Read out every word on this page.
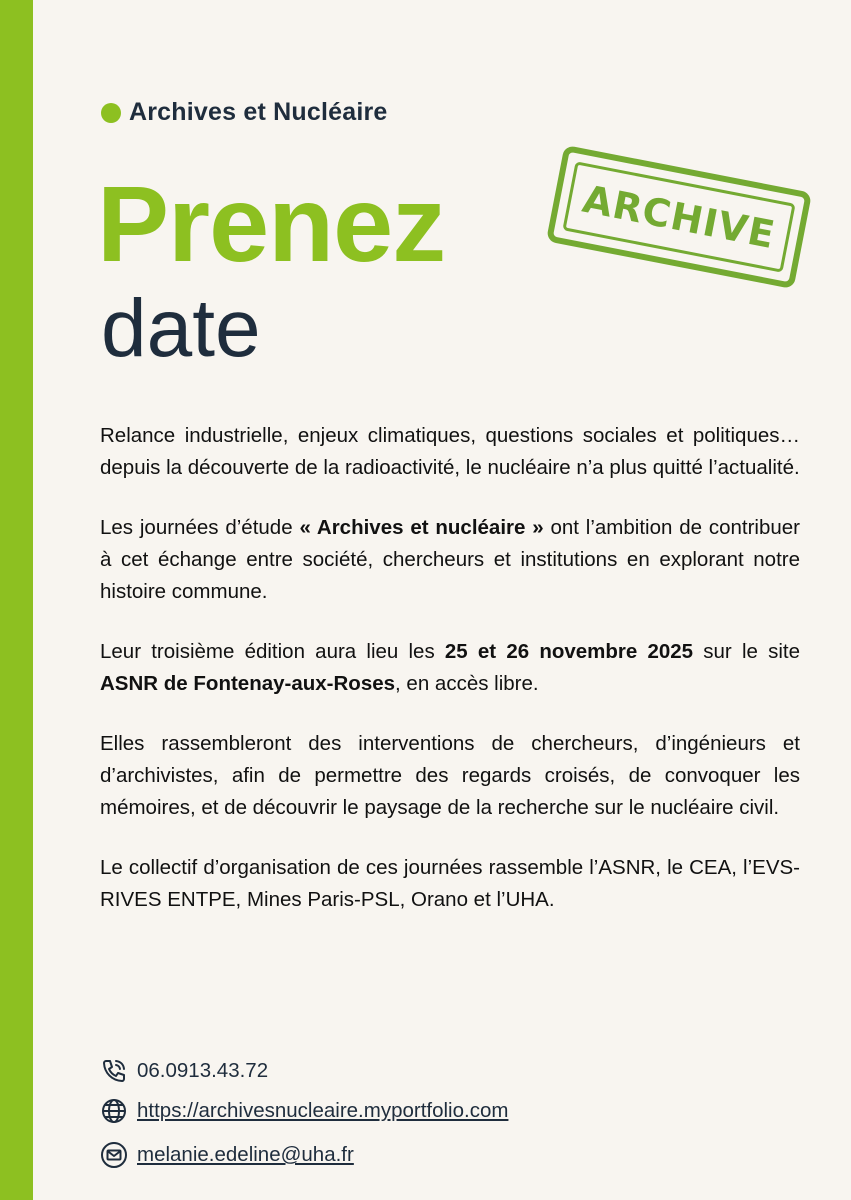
Archives et Nucléaire
Prenez
date
ARCHIVE

Relance industrielle, enjeux climatiques, questions sociales et politiques… depuis la découverte de la radioactivité, le nucléaire n’a plus quitté l’actualité.

Les journées d’étude « Archives et nucléaire » ont l’ambition de contribuer à cet échange entre société, chercheurs et institutions en explorant notre histoire commune.

Leur troisième édition aura lieu les 25 et 26 novembre 2025 sur le site ASNR de Fontenay-aux-Roses, en accès libre.

Elles rassembleront des interventions de chercheurs, d’ingénieurs et d’archivistes, afin de permettre des regards croisés, de convoquer les mémoires, et de découvrir le paysage de la recherche sur le nucléaire civil.

Le collectif d’organisation de ces journées rassemble l’ASNR, le CEA, l’EVS-RIVES ENTPE, Mines Paris-PSL, Orano et l’UHA.

06.0913.43.72
https://archivesnucleaire.myportfolio.com
melanie.edeline@uha.fr
